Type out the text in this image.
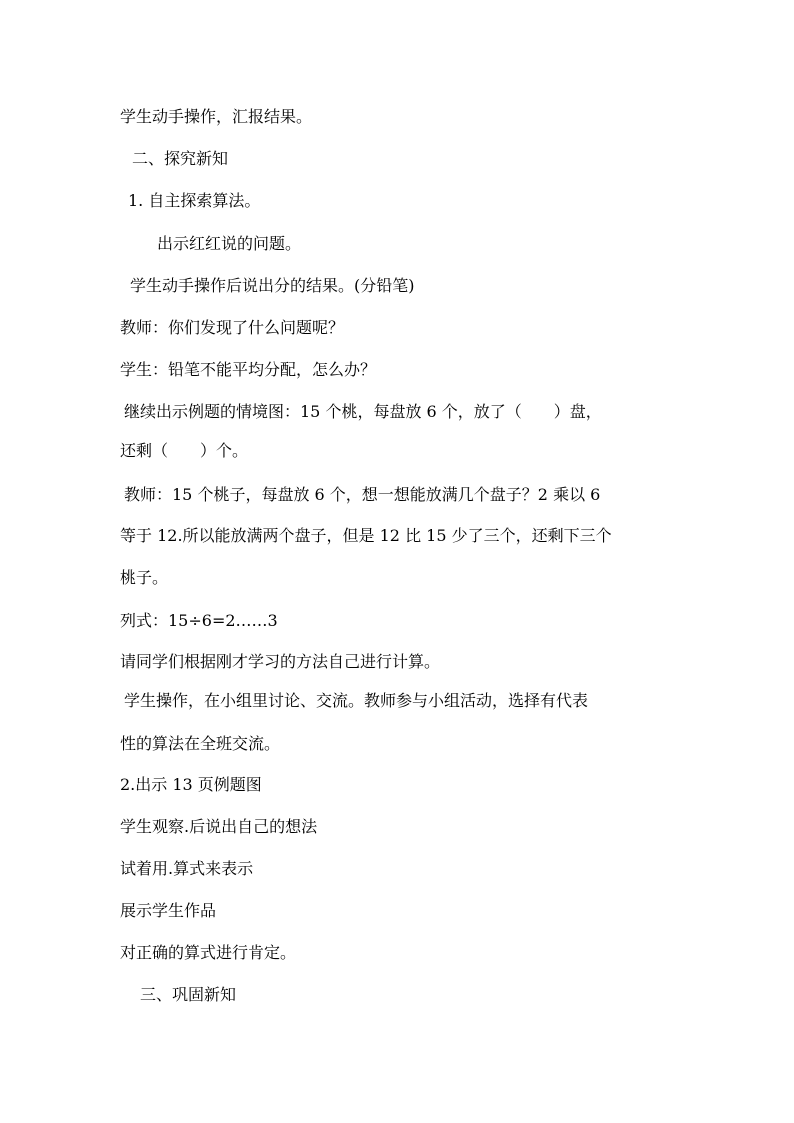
学生动手操作，汇报结果。
二、探究新知
1. 自主探索算法。
出示红红说的问题。
学生动手操作后说出分的结果。(分铅笔)
教师：你们发现了什么问题呢？
学生：铅笔不能平均分配，怎么办？
继续出示例题的情境图：15 个桃，每盘放 6 个，放了（　　）盘，
还剩（　　）个。
教师：15 个桃子，每盘放 6 个，想一想能放满几个盘子？2 乘以 6
等于 12.所以能放满两个盘子，但是 12 比 15 少了三个，还剩下三个
桃子。
列式：15÷6=2……3
请同学们根据刚才学习的方法自己进行计算。
学生操作，在小组里讨论、交流。教师参与小组活动，选择有代表
性的算法在全班交流。
2.出示 13 页例题图
学生观察.后说出自己的想法
试着用.算式来表示
展示学生作品
对正确的算式进行肯定。
三、巩固新知
